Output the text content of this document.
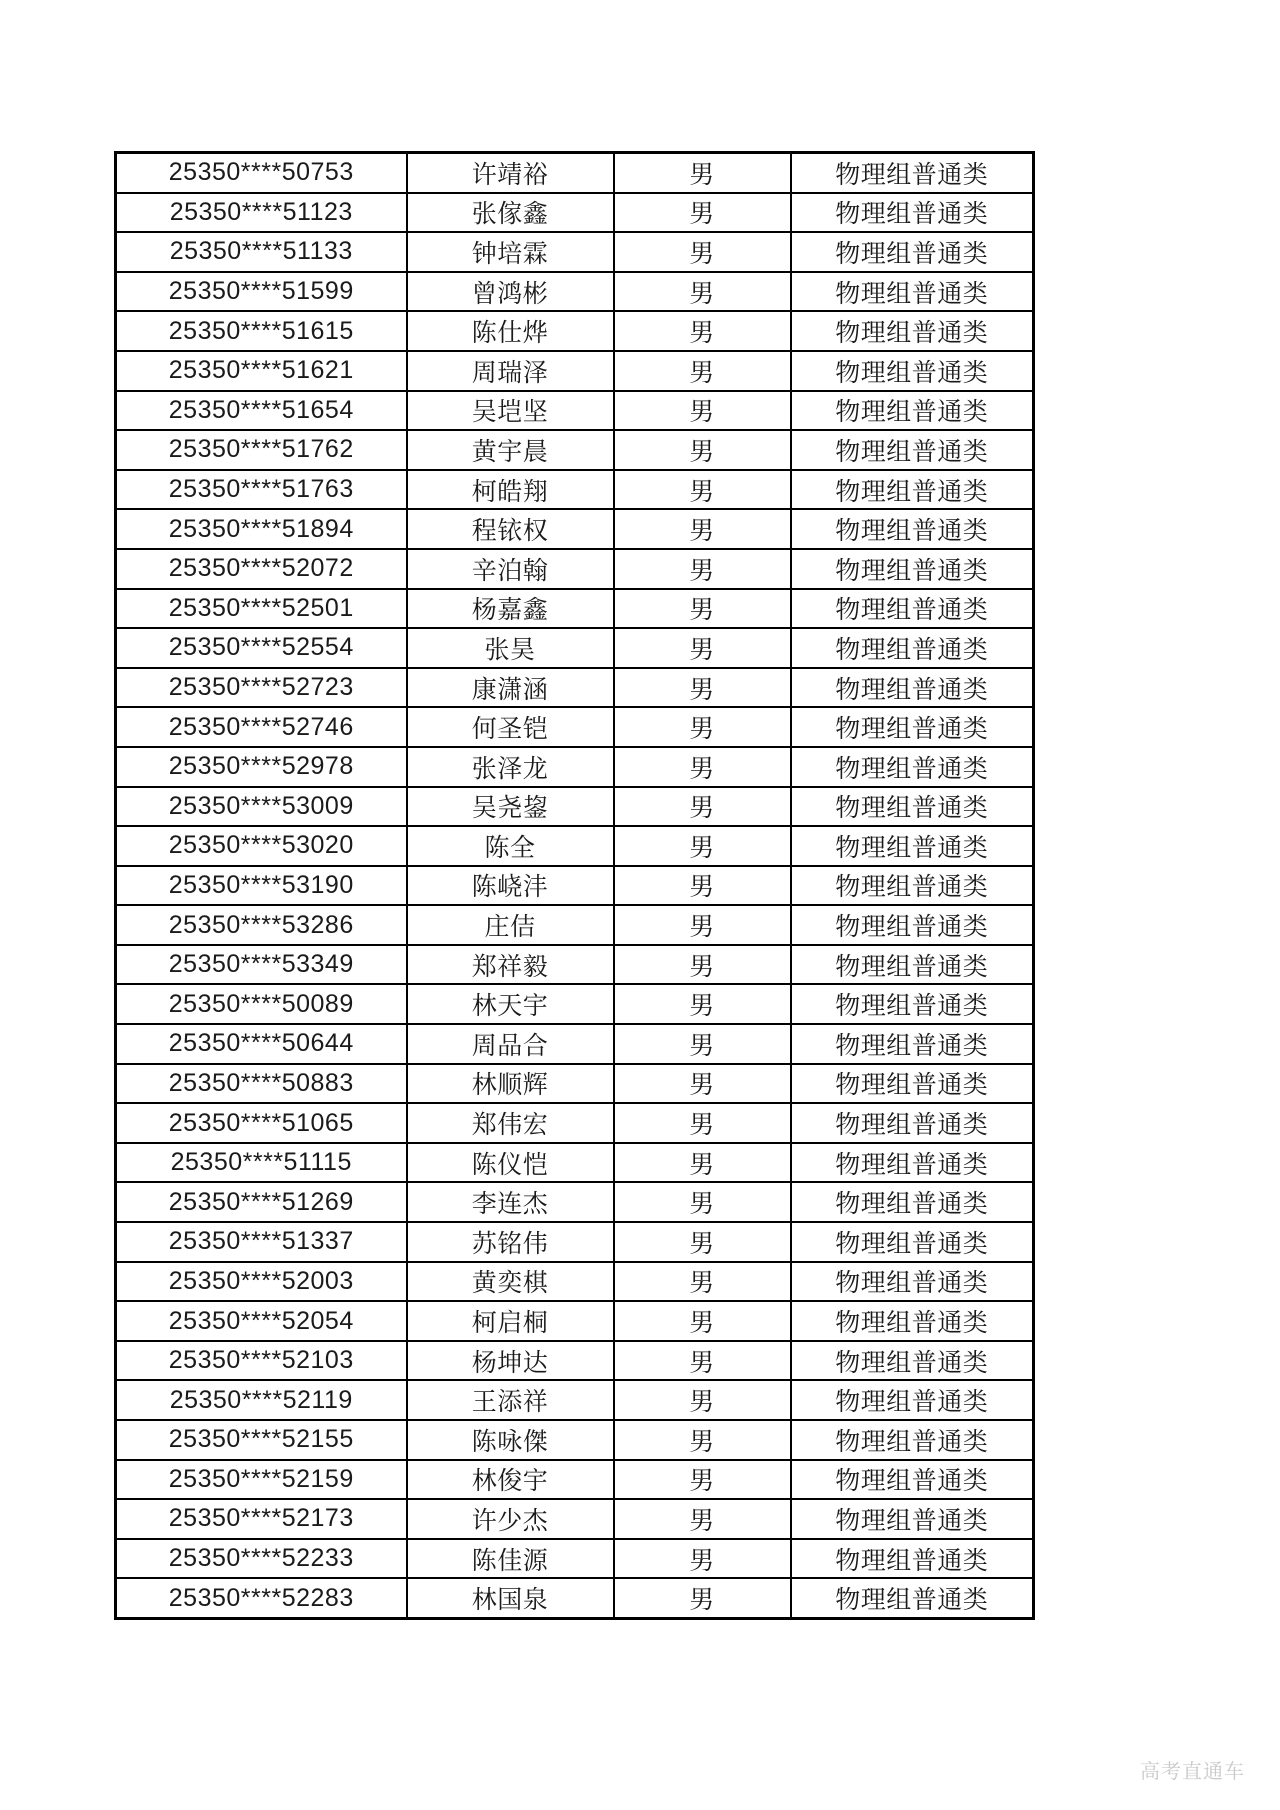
25350****50753	许靖裕	男	物理组普通类
25350****51123	张傢鑫	男	物理组普通类
25350****51133	钟培霖	男	物理组普通类
25350****51599	曾鸿彬	男	物理组普通类
25350****51615	陈仕烨	男	物理组普通类
25350****51621	周瑞泽	男	物理组普通类
25350****51654	吴垲坚	男	物理组普通类
25350****51762	黄宇晨	男	物理组普通类
25350****51763	柯皓翔	男	物理组普通类
25350****51894	程铱权	男	物理组普通类
25350****52072	辛泊翰	男	物理组普通类
25350****52501	杨嘉鑫	男	物理组普通类
25350****52554	张昊	男	物理组普通类
25350****52723	康潇涵	男	物理组普通类
25350****52746	何圣铠	男	物理组普通类
25350****52978	张泽龙	男	物理组普通类
25350****53009	吴尧鋆	男	物理组普通类
25350****53020	陈全	男	物理组普通类
25350****53190	陈峣沣	男	物理组普通类
25350****53286	庄佶	男	物理组普通类
25350****53349	郑祥毅	男	物理组普通类
25350****50089	林天宇	男	物理组普通类
25350****50644	周品合	男	物理组普通类
25350****50883	林顺辉	男	物理组普通类
25350****51065	郑伟宏	男	物理组普通类
25350****51115	陈仪恺	男	物理组普通类
25350****51269	李连杰	男	物理组普通类
25350****51337	苏铭伟	男	物理组普通类
25350****52003	黄奕棋	男	物理组普通类
25350****52054	柯启桐	男	物理组普通类
25350****52103	杨坤达	男	物理组普通类
25350****52119	王添祥	男	物理组普通类
25350****52155	陈咏傑	男	物理组普通类
25350****52159	林俊宇	男	物理组普通类
25350****52173	许少杰	男	物理组普通类
25350****52233	陈佳源	男	物理组普通类
25350****52283	林国泉	男	物理组普通类
高考直通车
